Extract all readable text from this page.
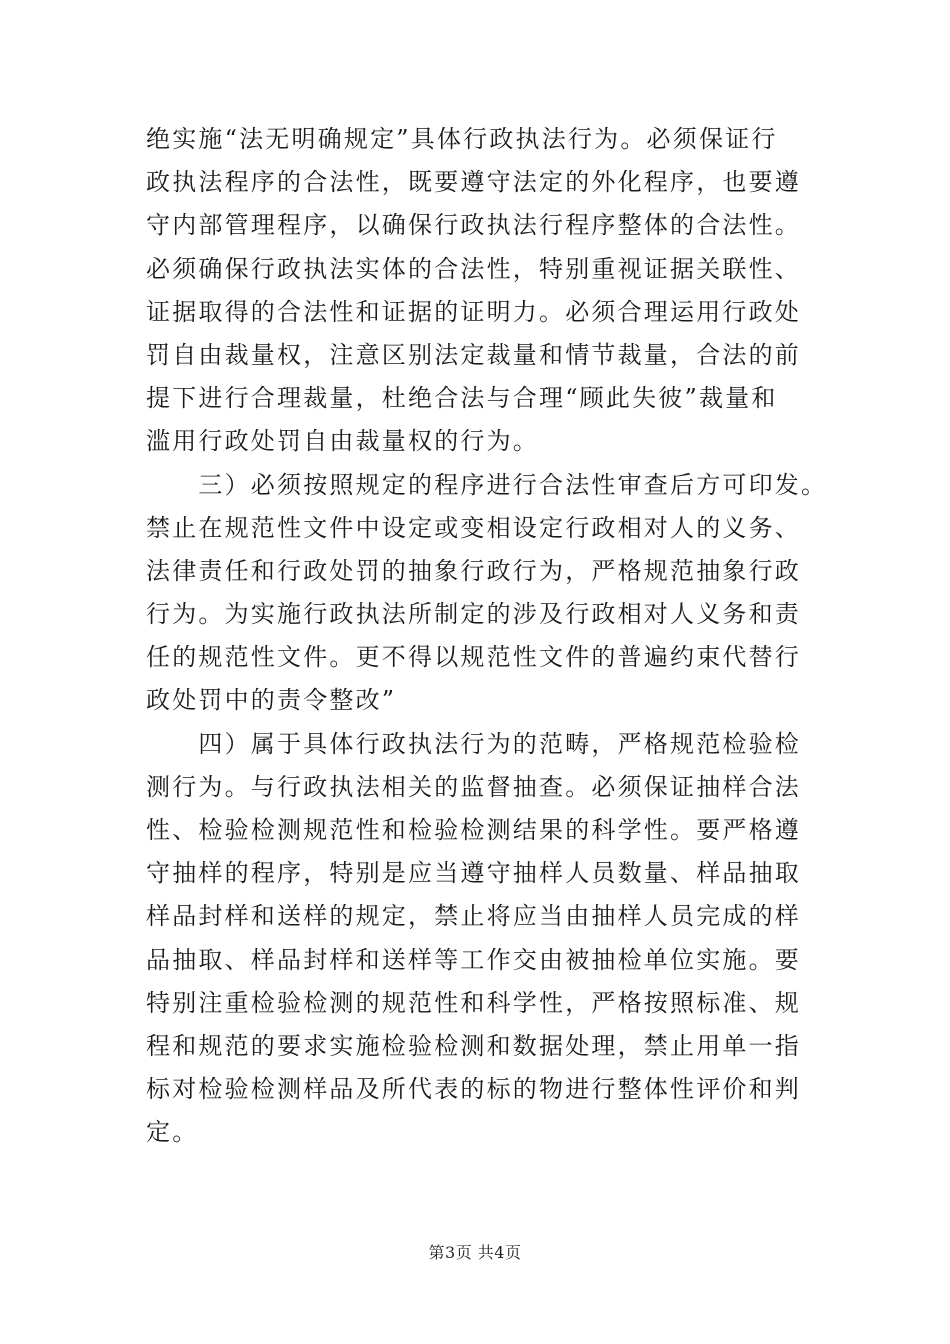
绝实施“法无明确规定”具体行政执法行为。必须保证行
政执法程序的合法性，既要遵守法定的外化程序，也要遵
守内部管理程序，以确保行政执法行程序整体的合法性。
必须确保行政执法实体的合法性，特别重视证据关联性、
证据取得的合法性和证据的证明力。必须合理运用行政处
罚自由裁量权，注意区别法定裁量和情节裁量，合法的前
提下进行合理裁量，杜绝合法与合理“顾此失彼”裁量和
滥用行政处罚自由裁量权的行为。
　　三）必须按照规定的程序进行合法性审查后方可印发。
禁止在规范性文件中设定或变相设定行政相对人的义务、
法律责任和行政处罚的抽象行政行为，严格规范抽象行政
行为。为实施行政执法所制定的涉及行政相对人义务和责
任的规范性文件。更不得以规范性文件的普遍约束代替行
政处罚中的责令整改”
　　四）属于具体行政执法行为的范畴，严格规范检验检
测行为。与行政执法相关的监督抽查。必须保证抽样合法
性、检验检测规范性和检验检测结果的科学性。要严格遵
守抽样的程序，特别是应当遵守抽样人员数量、样品抽取
样品封样和送样的规定，禁止将应当由抽样人员完成的样
品抽取、样品封样和送样等工作交由被抽检单位实施。要
特别注重检验检测的规范性和科学性，严格按照标准、规
程和规范的要求实施检验检测和数据处理，禁止用单一指
标对检验检测样品及所代表的标的物进行整体性评价和判
定。
第3页 共4页
